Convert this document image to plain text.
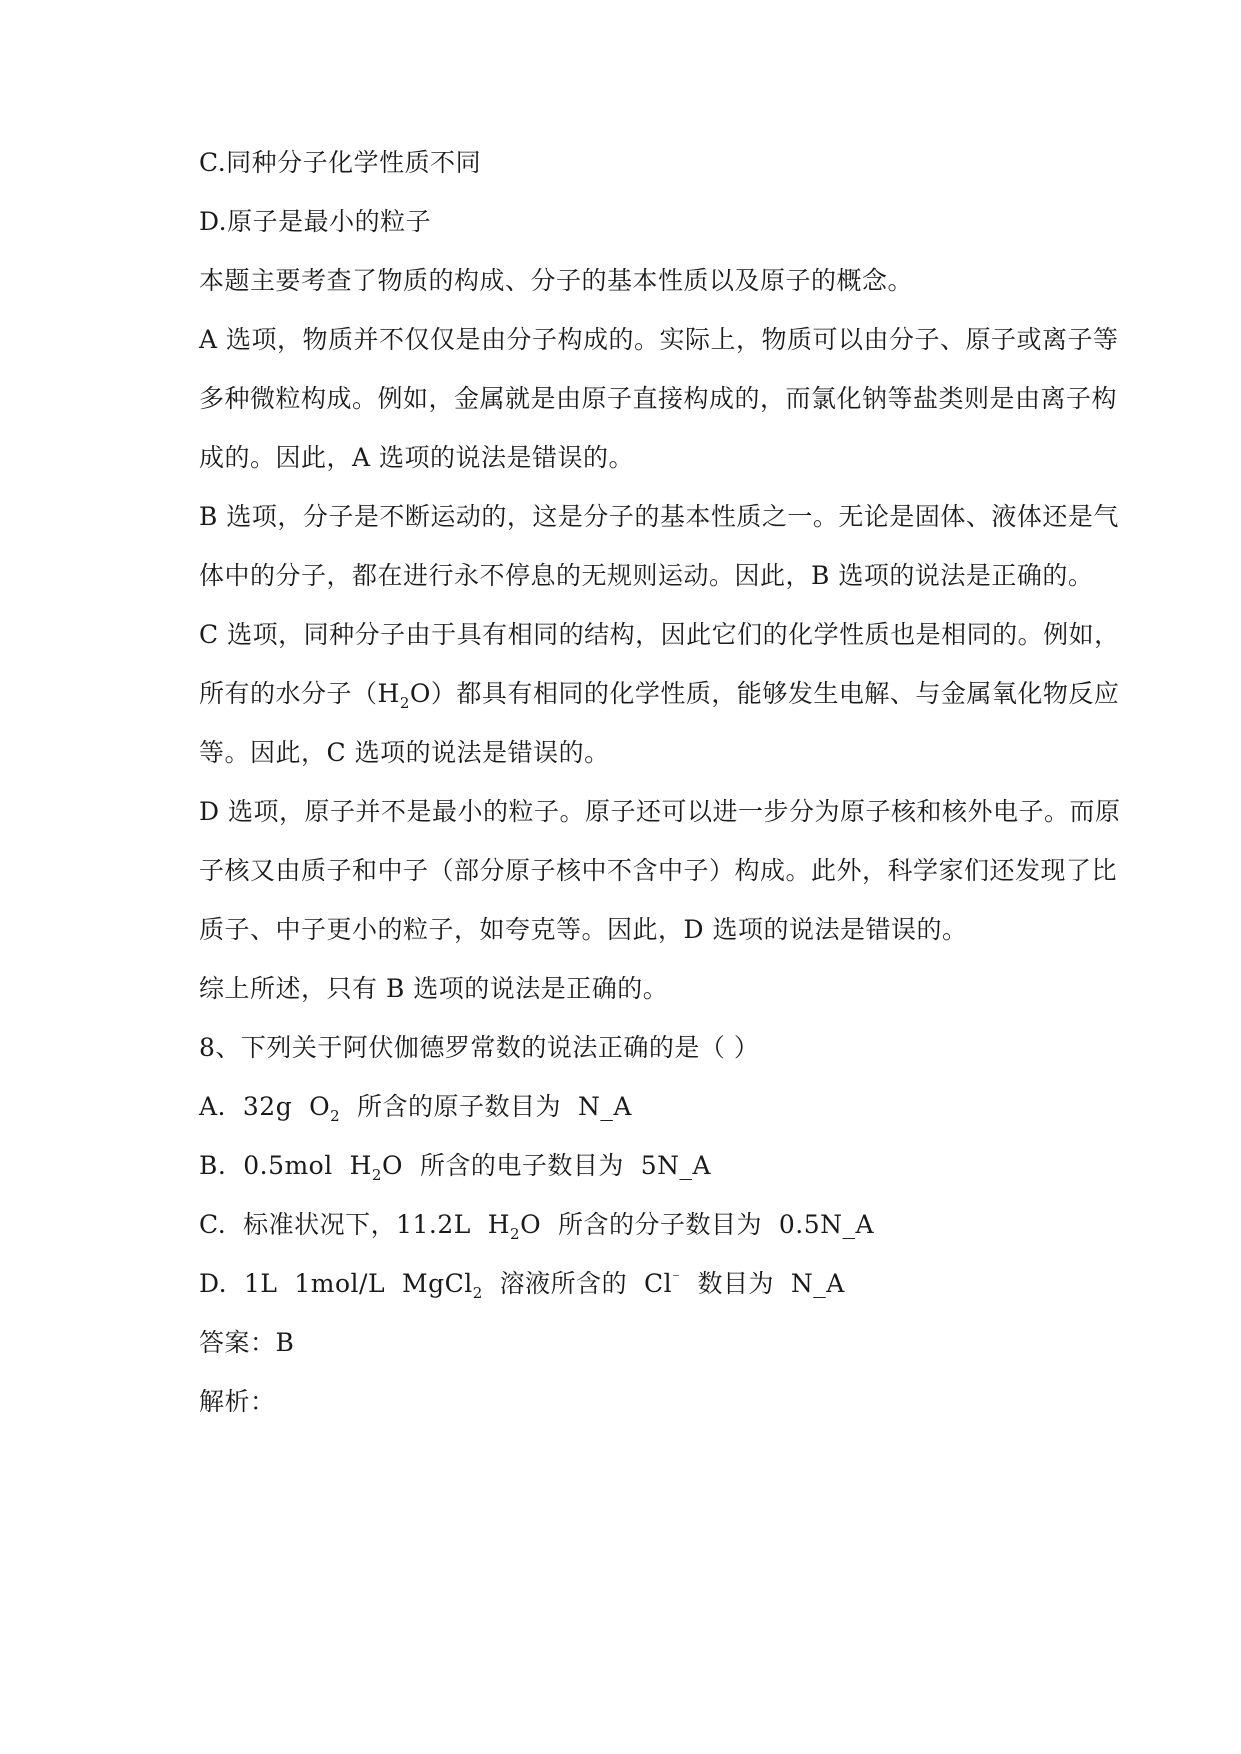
C.同种分子化学性质不同
D.原子是最小的粒子
本题主要考查了物质的构成、分子的基本性质以及原子的概念。
A 选项，物质并不仅仅是由分子构成的。实际上，物质可以由分子、原子或离子等
多种微粒构成。例如，金属就是由原子直接构成的，而氯化钠等盐类则是由离子构
成的。因此，A 选项的说法是错误的。
B 选项，分子是不断运动的，这是分子的基本性质之一。无论是固体、液体还是气
体中的分子，都在进行永不停息的无规则运动。因此，B 选项的说法是正确的。
C 选项，同种分子由于具有相同的结构，因此它们的化学性质也是相同的。例如，
所有的水分子$(H_2O)$都具有相同的化学性质，能够发生电解、与金属氧化物反应
等。因此，C 选项的说法是错误的。
D 选项，原子并不是最小的粒子。原子还可以进一步分为原子核和核外电子。而原
子核又由质子和中子（部分原子核中不含中子）构成。此外，科学家们还发现了比
质子、中子更小的粒子，如夸克等。因此，D 选项的说法是错误的。
综上所述，只有 B 选项的说法是正确的。
8、下列关于阿伏伽德罗常数的说法正确的是（ ）
A.  32g  $O_2$  所含的原子数目为  N_A
B.  0.5mol  $H_2O$  所含的电子数目为  5N_A
C.  标准状况下，11.2L  $H_2O$  所含的分子数目为  0.5N_A
D.  1L  1mol/L  MgCl$_2$  溶液所含的  Cl⁻  数目为  N_A
答案：B
解析：
